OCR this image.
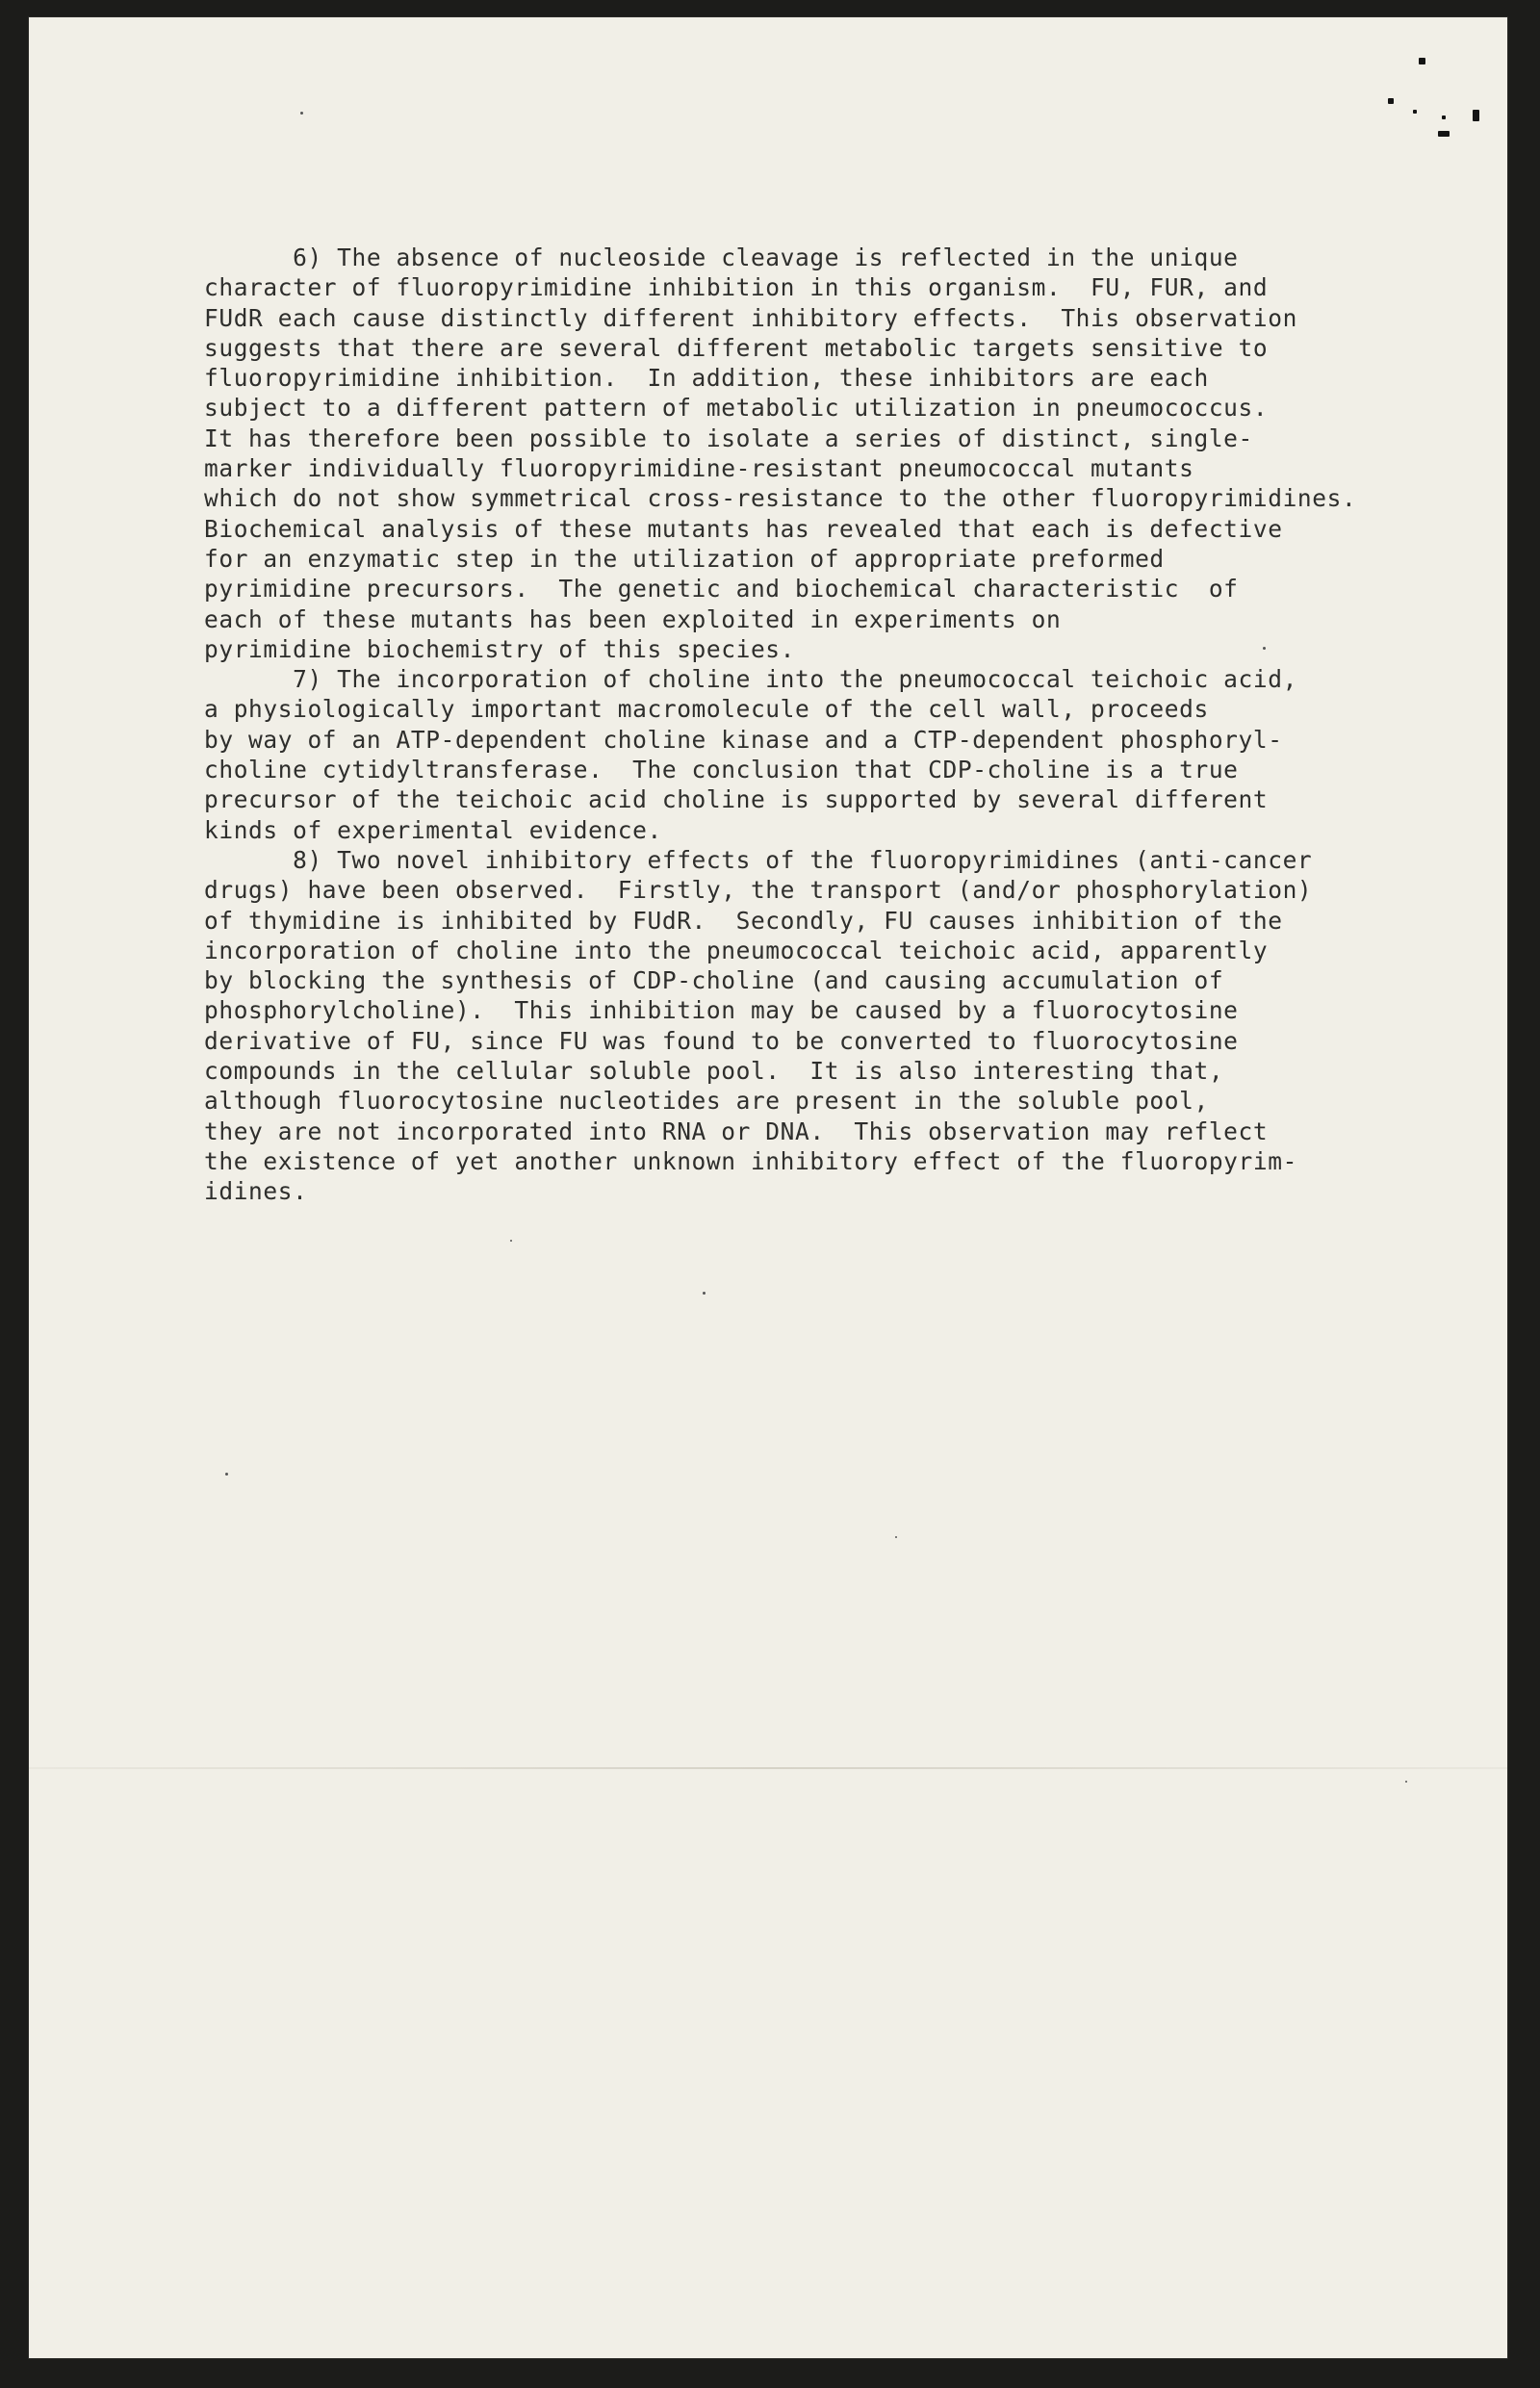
6) The absence of nucleoside cleavage is reflected in the unique
character of fluoropyrimidine inhibition in this organism.  FU, FUR, and
FUdR each cause distinctly different inhibitory effects.  This observation
suggests that there are several different metabolic targets sensitive to
fluoropyrimidine inhibition.  In addition, these inhibitors are each
subject to a different pattern of metabolic utilization in pneumococcus.
It has therefore been possible to isolate a series of distinct, single-
marker individually fluoropyrimidine-resistant pneumococcal mutants
which do not show symmetrical cross-resistance to the other fluoropyrimidines.
Biochemical analysis of these mutants has revealed that each is defective
for an enzymatic step in the utilization of appropriate preformed
pyrimidine precursors.  The genetic and biochemical characteristic  of
each of these mutants has been exploited in experiments on
pyrimidine biochemistry of this species.
7) The incorporation of choline into the pneumococcal teichoic acid,
a physiologically important macromolecule of the cell wall, proceeds
by way of an ATP-dependent choline kinase and a CTP-dependent phosphoryl-
choline cytidyltransferase.  The conclusion that CDP-choline is a true
precursor of the teichoic acid choline is supported by several different
kinds of experimental evidence.
8) Two novel inhibitory effects of the fluoropyrimidines (anti-cancer
drugs) have been observed.  Firstly, the transport (and/or phosphorylation)
of thymidine is inhibited by FUdR.  Secondly, FU causes inhibition of the
incorporation of choline into the pneumococcal teichoic acid, apparently
by blocking the synthesis of CDP-choline (and causing accumulation of
phosphorylcholine).  This inhibition may be caused by a fluorocytosine
derivative of FU, since FU was found to be converted to fluorocytosine
compounds in the cellular soluble pool.  It is also interesting that,
although fluorocytosine nucleotides are present in the soluble pool,
they are not incorporated into RNA or DNA.  This observation may reflect
the existence of yet another unknown inhibitory effect of the fluoropyrim-
idines.
